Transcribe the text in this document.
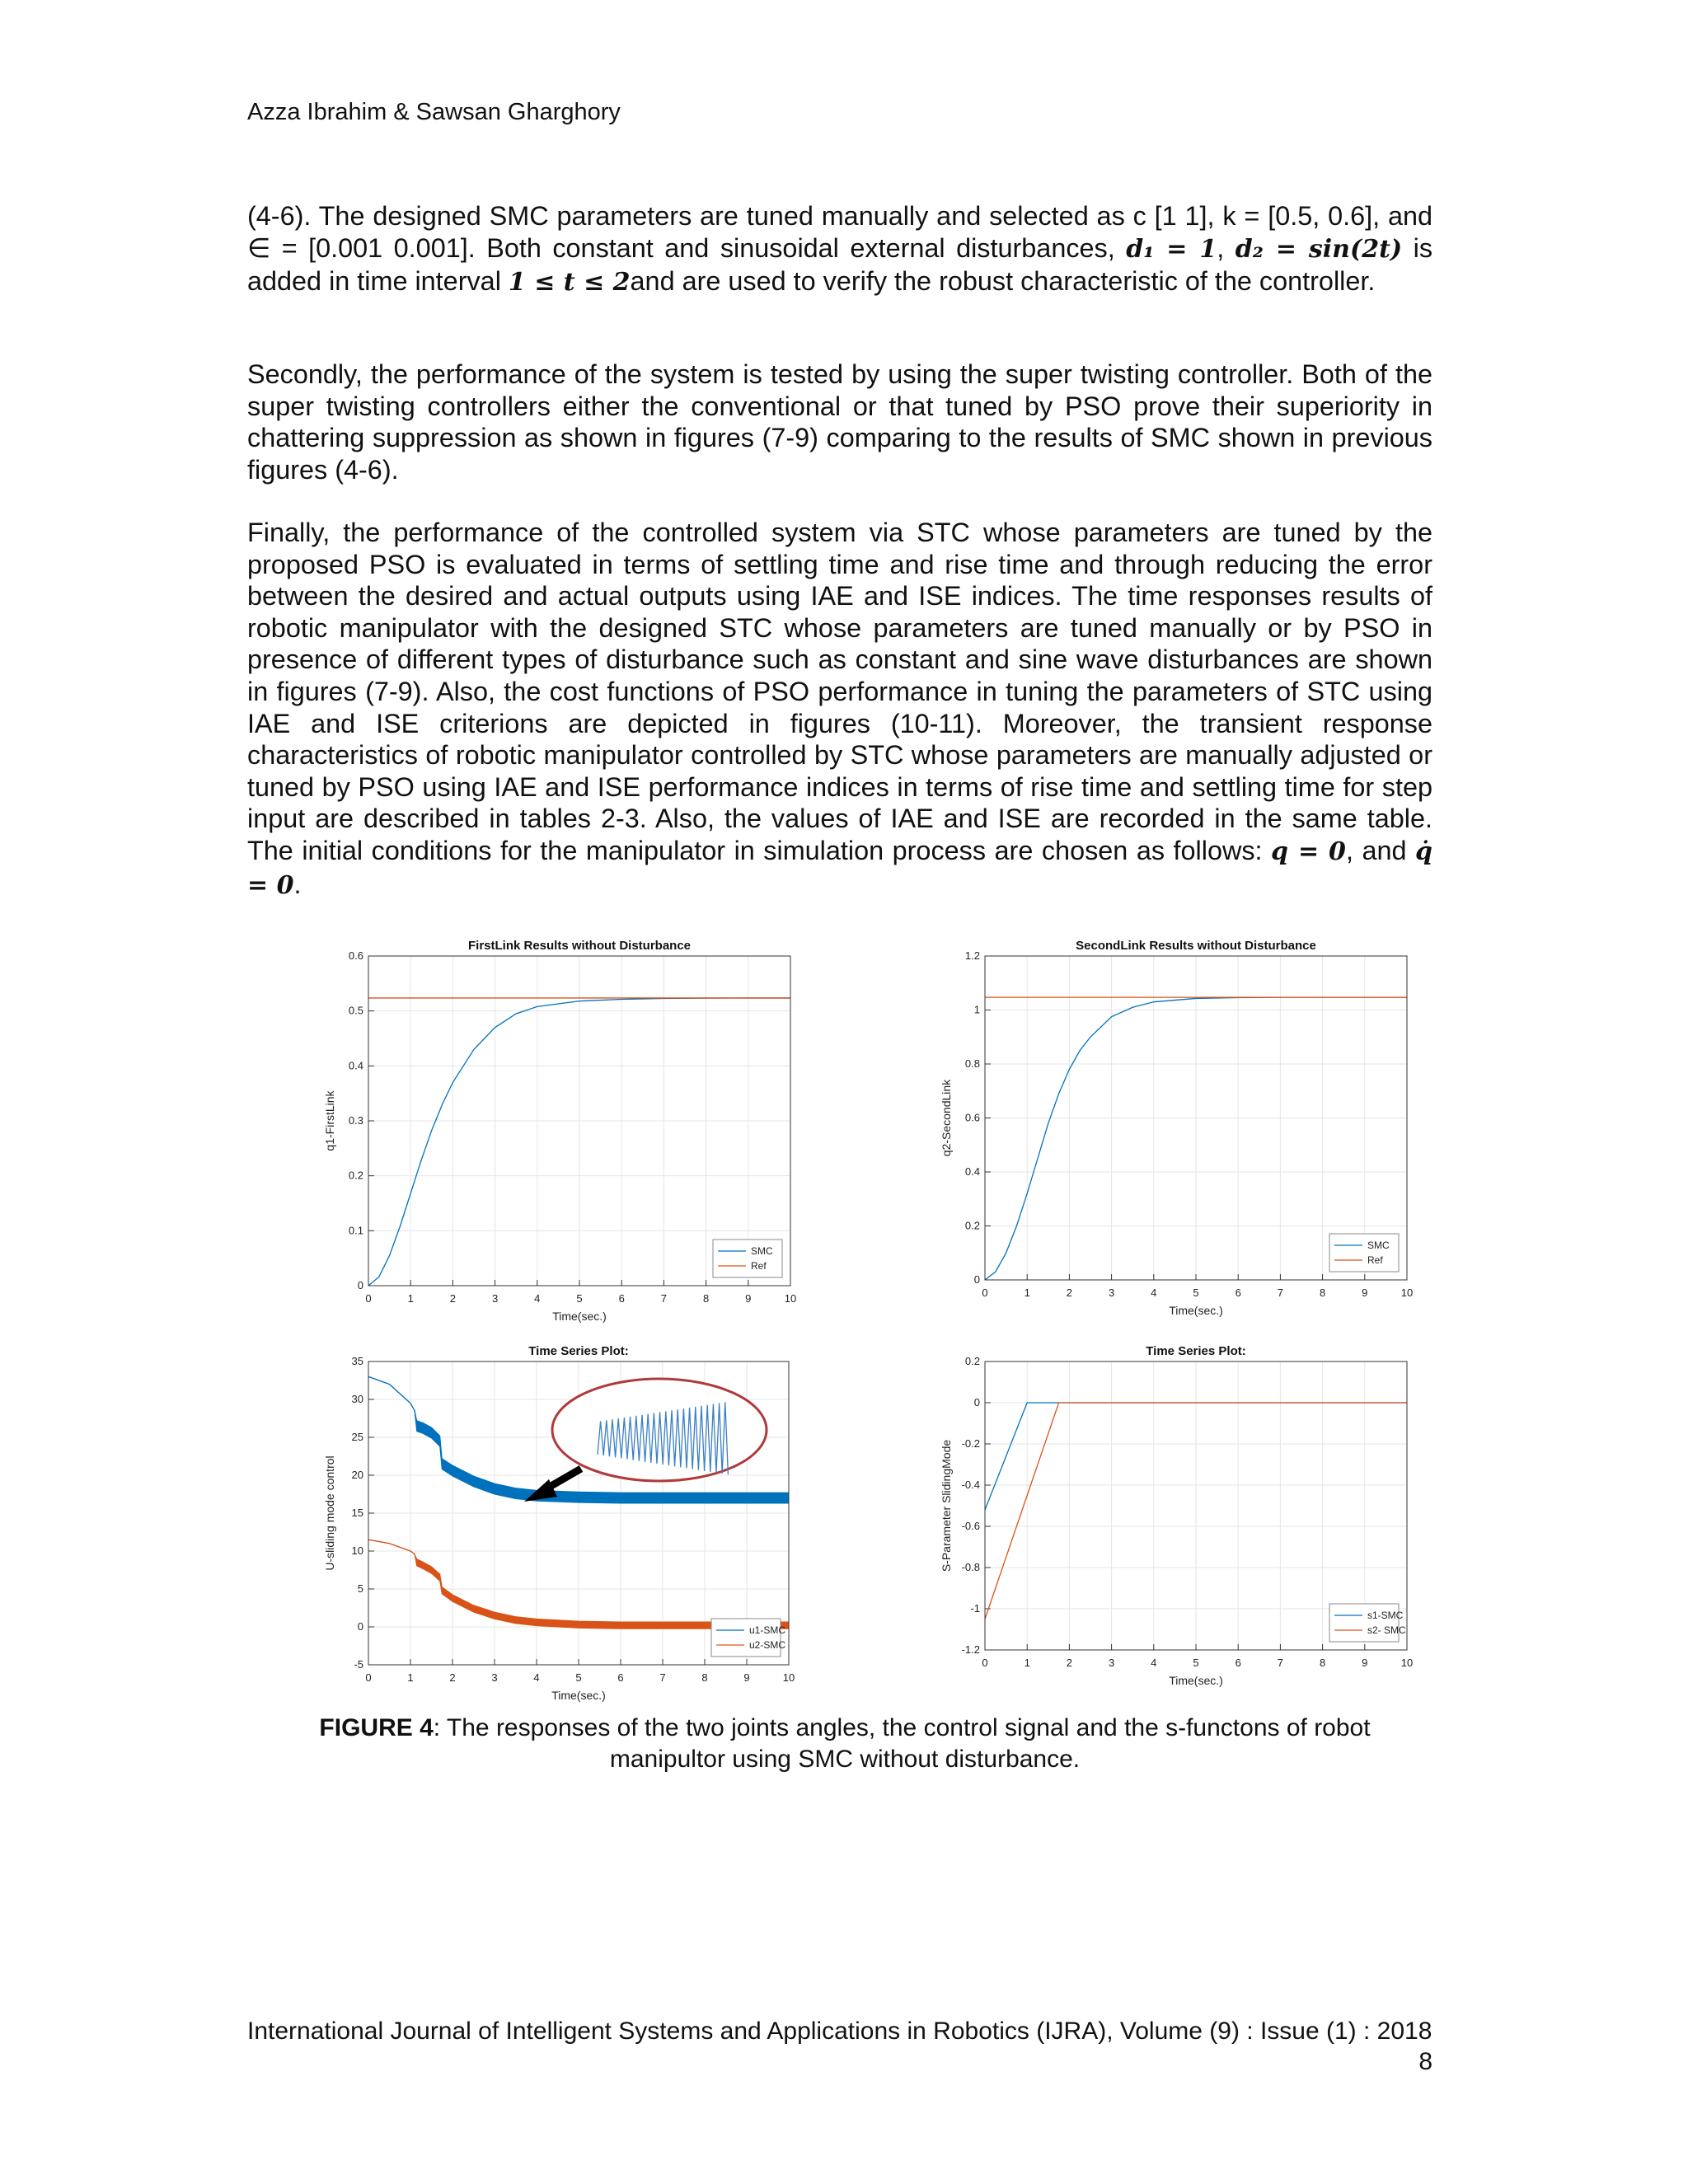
Azza Ibrahim & Sawsan Gharghory

(4-6). The designed SMC parameters are tuned manually and selected as c [1 1], k = [0.5, 0.6], and ∈ = [0.001 0.001]. Both constant and sinusoidal external disturbances, d₁ = 1, d₂ = sin(2t) is added in time interval 1 ≤ t ≤ 2and are used to verify the robust characteristic of the controller.

Secondly, the performance of the system is tested by using the super twisting controller. Both of the super twisting controllers either the conventional or that tuned by PSO prove their superiority in chattering suppression as shown in figures (7-9) comparing to the results of SMC shown in previous figures (4-6).

Finally, the performance of the controlled system via STC whose parameters are tuned by the proposed PSO is evaluated in terms of settling time and rise time and through reducing the error between the desired and actual outputs using IAE and ISE indices. The time responses results of robotic manipulator with the designed STC whose parameters are tuned manually or by PSO in presence of different types of disturbance such as constant and sine wave disturbances are shown in figures (7-9). Also, the cost functions of PSO performance in tuning the parameters of STC using IAE and ISE criterions are depicted in figures (10-11). Moreover, the transient response characteristics of robotic manipulator controlled by STC whose parameters are manually adjusted or tuned by PSO using IAE and ISE performance indices in terms of rise time and settling time for step input are described in tables 2-3. Also, the values of IAE and ISE are recorded in the same table. The initial conditions for the manipulator in simulation process are chosen as follows: q = 0, and q̇ = 0.

0	1	2	3	4	5	6	7	8	9	10
0
0.1
0.2
0.3
0.4
0.5
0.6
FirstLink Results without Disturbance
Time(sec.)
q1-FirstLink
SMC
Ref
0	1	2	3	4	5	6	7	8	9	10
0
0.2
0.4
0.6
0.8
1
1.2
SecondLink Results without Disturbance
Time(sec.)
q2-SecondLink
SMC
Ref
0	1	2	3	4	5	6	7	8	9	10
-5
0
5
10
15
20
25
30
35
Time Series Plot:
Time(sec.)
U-sliding mode control
u1-SMC
u2-SMC
0	1	2	3	4	5	6	7	8	9	10
-1.2
-1
-0.8
-0.6
-0.4
-0.2
0
0.2
Time Series Plot:
Time(sec.)
S-Parameter SlidingMode
s1-SMC
s2- SMC
FIGURE 4: The responses of the two joints angles, the control signal and the s-functons of robot manipultor using SMC without disturbance.
International Journal of Intelligent Systems and Applications in Robotics (IJRA), Volume (9) : Issue (1) : 2018
8
